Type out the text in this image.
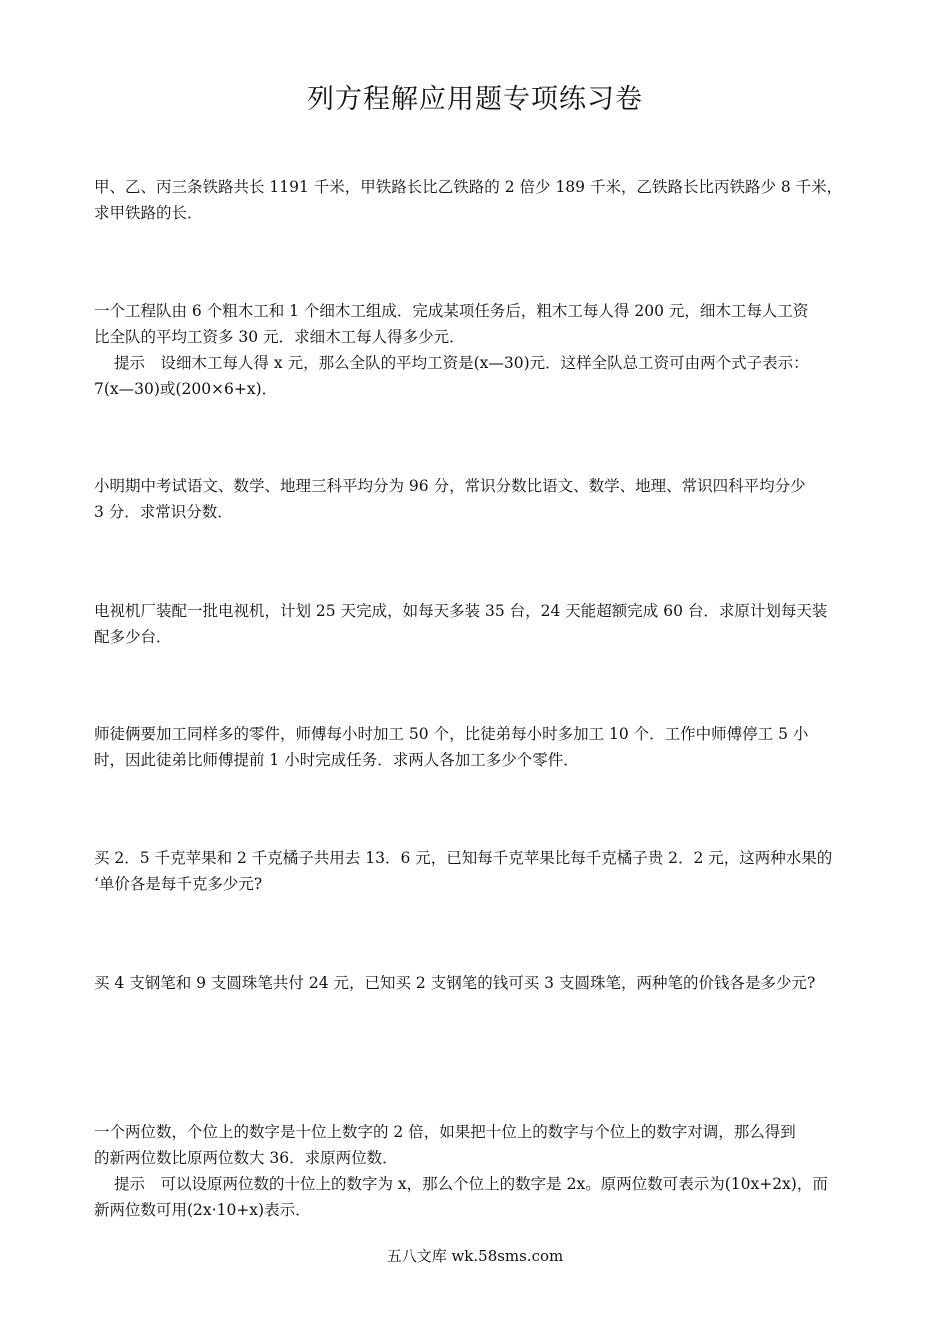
列方程解应用题专项练习卷
甲、乙、丙三条铁路共长 1191 千米，甲铁路长比乙铁路的 2 倍少 189 千米，乙铁路长比丙铁路少 8 千米，
求甲铁路的长．
一个工程队由 6 个粗木工和 1 个细木工组成．完成某项任务后，粗木工每人得 200 元，细木工每人工资
比全队的平均工资多 30 元．求细木工每人得多少元．
提示　设细木工每人得 x 元，那么全队的平均工资是(x—30)元．这样全队总工资可由两个式子表示：
7(x—30)或(200×6+x)．
小明期中考试语文、数学、地理三科平均分为 96 分，常识分数比语文、数学、地理、常识四科平均分少
3 分．求常识分数．
电视机厂装配一批电视机，计划 25 天完成，如每天多装 35 台，24 天能超额完成 60 台．求原计划每天装
配多少台．
师徒俩要加工同样多的零件，师傅每小时加工 50 个，比徒弟每小时多加工 10 个．工作中师傅停工 5 小
时，因此徒弟比师傅提前 1 小时完成任务．求两人各加工多少个零件．
买 2．5 千克苹果和 2 千克橘子共用去 13．6 元，已知每千克苹果比每千克橘子贵 2．2 元，这两种水果的
‘单价各是每千克多少元?
买 4 支钢笔和 9 支圆珠笔共付 24 元，已知买 2 支钢笔的钱可买 3 支圆珠笔，两种笔的价钱各是多少元?
一个两位数，个位上的数字是十位上数字的 2 倍，如果把十位上的数字与个位上的数字对调，那么得到
的新两位数比原两位数大 36．求原两位数．
提示　可以设原两位数的十位上的数字为 x，那么个位上的数字是 2x。原两位数可表示为(10x+2x)，而
新两位数可用(2x·10+x)表示．
五八文库 wk.58sms.com
